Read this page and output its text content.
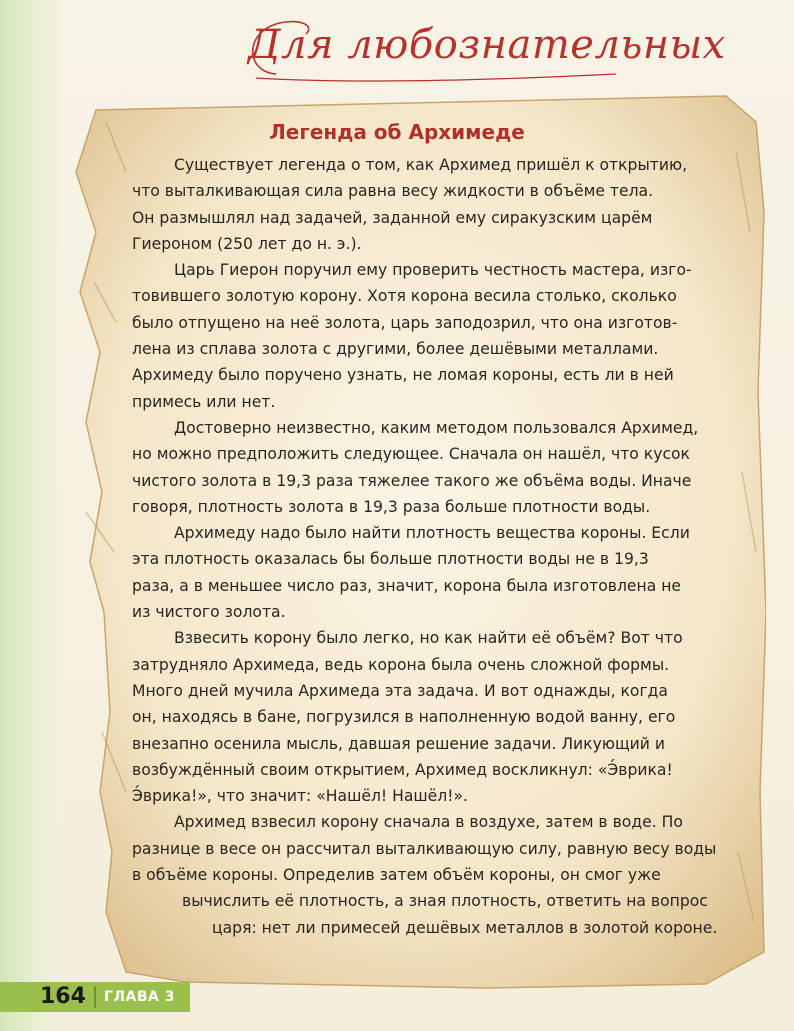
Для любознательных
Легенда об Архимеде
Существует легенда о том, как Архимед пришёл к открытию,
что выталкивающая сила равна весу жидкости в объёме тела.
Он размышлял над задачей, заданной ему сиракузским царём
Гиероном (250 лет до н. э.).
Царь Гиерон поручил ему проверить честность мастера, изго-
товившего золотую корону. Хотя корона весила столько, сколько
было отпущено на неё золота, царь заподозрил, что она изготов-
лена из сплава золота с другими, более дешёвыми металлами.
Архимеду было поручено узнать, не ломая короны, есть ли в ней
примесь или нет.
Достоверно неизвестно, каким методом пользовался Архимед,
но можно предположить следующее. Сначала он нашёл, что кусок
чистого золота в 19,3 раза тяжелее такого же объёма воды. Иначе
говоря, плотность золота в 19,3 раза больше плотности воды.
Архимеду надо было найти плотность вещества короны. Если
эта плотность оказалась бы больше плотности воды не в 19,3
раза, а в меньшее число раз, значит, корона была изготовлена не
из чистого золота.
Взвесить корону было легко, но как найти её объём? Вот что
затрудняло Архимеда, ведь корона была очень сложной формы.
Много дней мучила Архимеда эта задача. И вот однажды, когда
он, находясь в бане, погрузился в наполненную водой ванну, его
внезапно осенила мысль, давшая решение задачи. Ликующий и
возбуждённый своим открытием, Архимед воскликнул: «Э́врика!
Э́врика!», что значит: «Нашёл! Нашёл!».
Архимед взвесил корону сначала в воздухе, затем в воде. По
разнице в весе он рассчитал выталкивающую силу, равную весу воды
в объёме короны. Определив затем объём короны, он смог уже
вычислить её плотность, а зная плотность, ответить на вопрос
царя: нет ли примесей дешёвых металлов в золотой короне.
164 ГЛАВА 3
